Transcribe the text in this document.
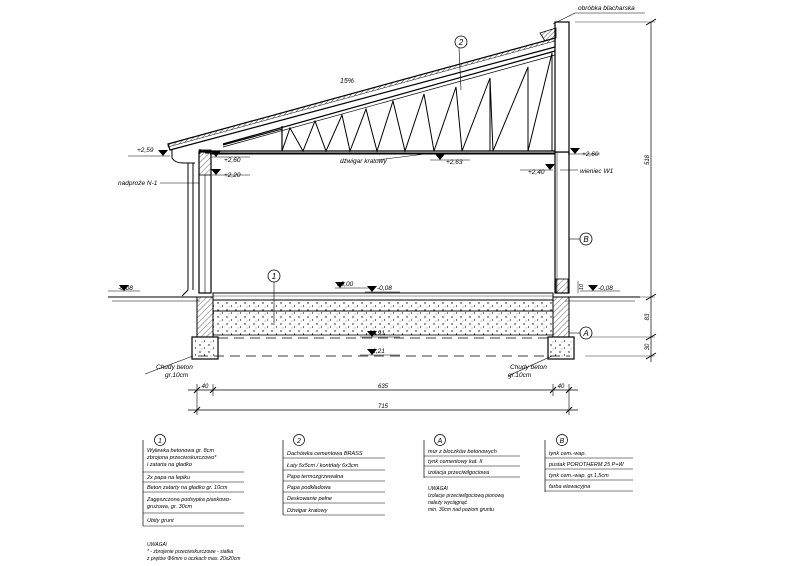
2
1
B
A
obróbka blacharska
15%
dźwigar kratowy
nadproże N-1
wieniec W1
Chudy beton
gr.10cm
Chudy beton
gr.10cm
+2,59
+2,60
+2,20
+2,63
+2,60
+2,40
-0,08
±0,00
-0,08	-0,08
-0,91
-1,21
40	635	40
715
518
83
30
10
1
Wylewka betonowa gr. 8cm
zbrojona przeciwskurczowo*
i zatarta na gładko
2x papa na lepiku
Beton zatarty na gładko gr. 10cm
Zagęszczona podsypka piaskowo-
grużowa, gr. 30cm
Ubity grunt
2
Dachówka cementowa BRASS
Łaty 5x5cm / kontrłaty 6x3cm
Papa termozgrzewalna
Papa podkładowa
Deskowanie pełne
Dźwigar kratowy
A
mur z bloczków betonowych
tynk cementowy kat. II
izolacja przeciwilgociowa
UWAGA!
Izolacje przeciwilgociową pionową
należy wyciągnąć
min. 30cm nad poziom gruntu
B
tynk cem.-wap.
pustak POROTHERM 25 P+W
tynk cem.-wap. gr.1,5cm
farba elewacyjna
UWAGA!
* - zbrojenie przeciwskurczowe - siatka
z prętów Φ6mm o oczkach max. 20x20cm
